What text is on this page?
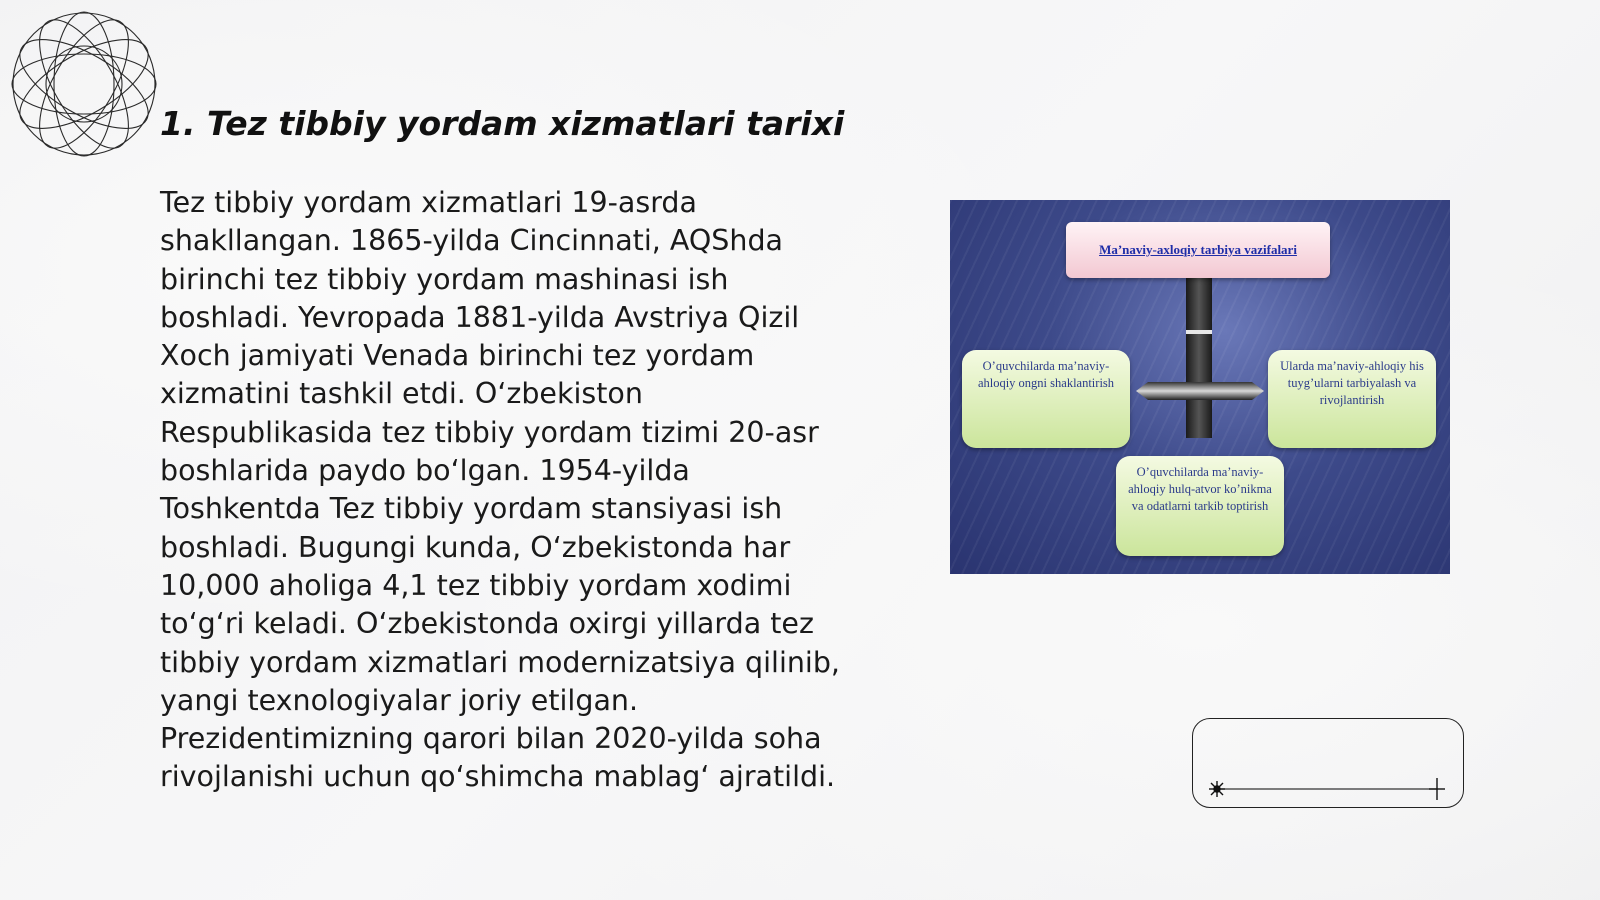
1. Tez tibbiy yordam xizmatlari tarixi

Tez tibbiy yordam xizmatlari 19-asrda shakllangan. 1865-yilda Cincinnati, AQShda birinchi tez tibbiy yordam mashinasi ish boshladi. Yevropada 1881-yilda Avstriya Qizil Xoch jamiyati Venada birinchi tez yordam xizmatini tashkil etdi. O‘zbekiston Respublikasida tez tibbiy yordam tizimi 20-asr boshlarida paydo bo‘lgan. 1954-yilda Toshkentda Tez tibbiy yordam stansiyasi ish boshladi. Bugungi kunda, O‘zbekistonda har 10,000 aholiga 4,1 tez tibbiy yordam xodimi to‘g‘ri keladi. O‘zbekistonda oxirgi yillarda tez tibbiy yordam xizmatlari modernizatsiya qilinib, yangi texnologiyalar joriy etilgan. Prezidentimizning qarori bilan 2020-yilda soha rivojlanishi uchun qo‘shimcha mablag‘ ajratildi.

Ma’naviy-axloqiy tarbiya vazifalari
O’quvchilarda ma’naviy-ahloqiy ongni shaklantirish
Ularda ma’naviy-ahloqiy his tuyg’ularni tarbiyalash va rivojlantirish
O’quvchilarda ma’naviy-ahloqiy hulq-atvor ko’nikma va odatlarni tarkib toptirish
